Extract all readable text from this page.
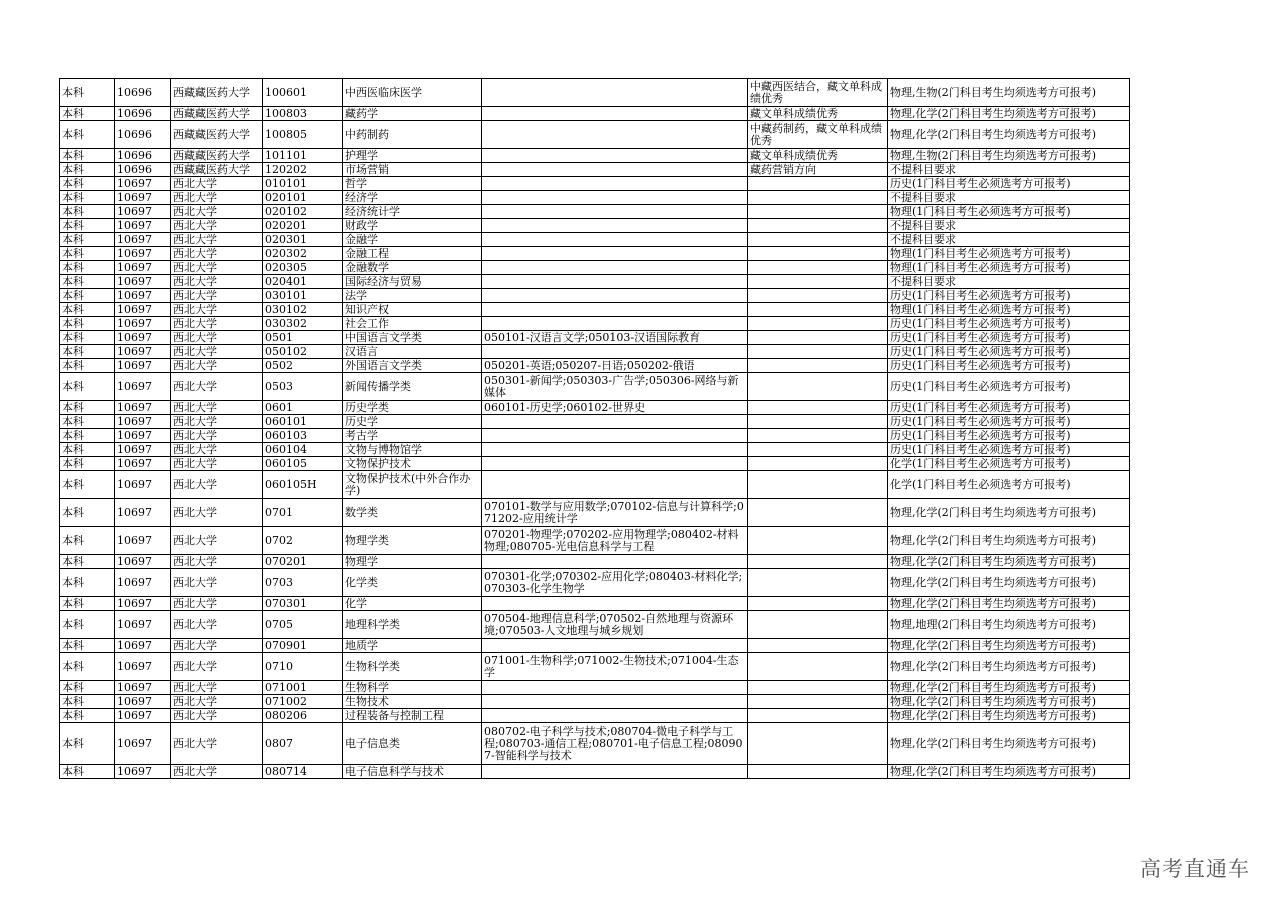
本科	10696	西藏藏医药大学	100601	中西医临床医学		中藏西医结合，藏文单科成绩优秀	物理,生物(2门科目考生均须选考方可报考)
本科	10696	西藏藏医药大学	100803	藏药学		藏文单科成绩优秀	物理,化学(2门科目考生均须选考方可报考)
本科	10696	西藏藏医药大学	100805	中药制药		中藏药制药，藏文单科成绩优秀	物理,化学(2门科目考生均须选考方可报考)
本科	10696	西藏藏医药大学	101101	护理学		藏文单科成绩优秀	物理,生物(2门科目考生均须选考方可报考)
本科	10696	西藏藏医药大学	120202	市场营销		藏药营销方向	不提科目要求
本科	10697	西北大学	010101	哲学			历史(1门科目考生必须选考方可报考)
本科	10697	西北大学	020101	经济学			不提科目要求
本科	10697	西北大学	020102	经济统计学			物理(1门科目考生必须选考方可报考)
本科	10697	西北大学	020201	财政学			不提科目要求
本科	10697	西北大学	020301	金融学			不提科目要求
本科	10697	西北大学	020302	金融工程			物理(1门科目考生必须选考方可报考)
本科	10697	西北大学	020305	金融数学			物理(1门科目考生必须选考方可报考)
本科	10697	西北大学	020401	国际经济与贸易			不提科目要求
本科	10697	西北大学	030101	法学			历史(1门科目考生必须选考方可报考)
本科	10697	西北大学	030102	知识产权			物理(1门科目考生必须选考方可报考)
本科	10697	西北大学	030302	社会工作			历史(1门科目考生必须选考方可报考)
本科	10697	西北大学	0501	中国语言文学类	050101-汉语言文学;050103-汉语国际教育		历史(1门科目考生必须选考方可报考)
本科	10697	西北大学	050102	汉语言			历史(1门科目考生必须选考方可报考)
本科	10697	西北大学	0502	外国语言文学类	050201-英语;050207-日语;050202-俄语		历史(1门科目考生必须选考方可报考)
本科	10697	西北大学	0503	新闻传播学类	050301-新闻学;050303-广告学;050306-网络与新媒体		历史(1门科目考生必须选考方可报考)
本科	10697	西北大学	0601	历史学类	060101-历史学;060102-世界史		历史(1门科目考生必须选考方可报考)
本科	10697	西北大学	060101	历史学			历史(1门科目考生必须选考方可报考)
本科	10697	西北大学	060103	考古学			历史(1门科目考生必须选考方可报考)
本科	10697	西北大学	060104	文物与博物馆学			历史(1门科目考生必须选考方可报考)
本科	10697	西北大学	060105	文物保护技术			化学(1门科目考生必须选考方可报考)
本科	10697	西北大学	060105H	文物保护技术(中外合作办学)			化学(1门科目考生必须选考方可报考)
本科	10697	西北大学	0701	数学类	070101-数学与应用数学;070102-信息与计算科学;071202-应用统计学		物理,化学(2门科目考生均须选考方可报考)
本科	10697	西北大学	0702	物理学类	070201-物理学;070202-应用物理学;080402-材料物理;080705-光电信息科学与工程		物理,化学(2门科目考生均须选考方可报考)
本科	10697	西北大学	070201	物理学			物理,化学(2门科目考生均须选考方可报考)
本科	10697	西北大学	0703	化学类	070301-化学;070302-应用化学;080403-材料化学;070303-化学生物学		物理,化学(2门科目考生均须选考方可报考)
本科	10697	西北大学	070301	化学			物理,化学(2门科目考生均须选考方可报考)
本科	10697	西北大学	0705	地理科学类	070504-地理信息科学;070502-自然地理与资源环境;070503-人文地理与城乡规划		物理,地理(2门科目考生均须选考方可报考)
本科	10697	西北大学	070901	地质学			物理,化学(2门科目考生均须选考方可报考)
本科	10697	西北大学	0710	生物科学类	071001-生物科学;071002-生物技术;071004-生态学		物理,化学(2门科目考生均须选考方可报考)
本科	10697	西北大学	071001	生物科学			物理,化学(2门科目考生均须选考方可报考)
本科	10697	西北大学	071002	生物技术			物理,化学(2门科目考生均须选考方可报考)
本科	10697	西北大学	080206	过程装备与控制工程			物理,化学(2门科目考生均须选考方可报考)
本科	10697	西北大学	0807	电子信息类	080702-电子科学与技术;080704-微电子科学与工程;080703-通信工程;080701-电子信息工程;080907-智能科学与技术		物理,化学(2门科目考生均须选考方可报考)
本科	10697	西北大学	080714	电子信息科学与技术			物理,化学(2门科目考生均须选考方可报考)
高考直通车
